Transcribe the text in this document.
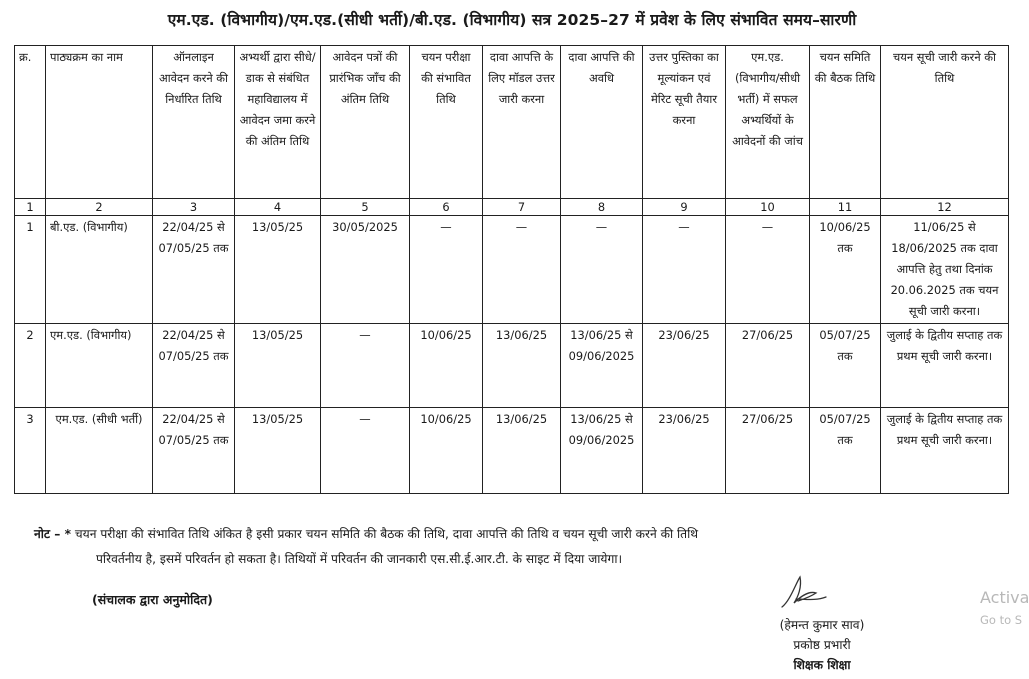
एम.एड. (विभागीय)/एम.एड.(सीधी भर्ती)/बी.एड. (विभागीय) सत्र 2025–27 में प्रवेश के लिए संभावित समय–सारणी
क्र.	पाठ्यक्रम का नाम	ऑनलाइन आवेदन करने की निर्धारित तिथि	अभ्यर्थी द्वारा सीधे/डाक से संबंधित महाविद्यालय में आवेदन जमा करने की अंतिम तिथि	आवेदन पत्रों की प्रारंभिक जाँच की अंतिम तिथि	चयन परीक्षा की संभावित तिथि	दावा आपत्ति के लिए मॉडल उत्तर जारी करना	दावा आपत्ति की अवधि	उत्तर पुस्तिका का मूल्यांकन एवं मेरिट सूची तैयार करना	एम.एड. (विभागीय/सीधी भर्ती) में सफल अभ्यर्थियों के आवेदनों की जांच	चयन समिति की बैठक तिथि	चयन सूची जारी करने की तिथि
1	2	3	4	5	6	7	8	9	10	11	12
1	बी.एड. (विभागीय)	22/04/25 से 07/05/25 तक	13/05/25	30/05/2025	—	—	—	—	—	10/06/25 तक	11/06/25 से 18/06/2025 तक दावा आपत्ति हेतु तथा दिनांक 20.06.2025 तक चयन सूची जारी करना।
2	एम.एड. (विभागीय)	22/04/25 से 07/05/25 तक	13/05/25	—	10/06/25	13/06/25	13/06/25 से 09/06/2025	23/06/25	27/06/25	05/07/25 तक	जुलाई के द्वितीय सप्ताह तक प्रथम सूची जारी करना।
3	एम.एड. (सीधी भर्ती)	22/04/25 से 07/05/25 तक	13/05/25	—	10/06/25	13/06/25	13/06/25 से 09/06/2025	23/06/25	27/06/25	05/07/25 तक	जुलाई के द्वितीय सप्ताह तक प्रथम सूची जारी करना।
नोट – * चयन परीक्षा की संभावित तिथि अंकित है इसी प्रकार चयन समिति की बैठक की तिथि, दावा आपत्ति की तिथि व चयन सूची जारी करने की तिथि
परिवर्तनीय है, इसमें परिवर्तन हो सकता है। तिथियों में परिवर्तन की जानकारी एस.सी.ई.आर.टी. के साइट में दिया जायेगा।
(संचालक द्वारा अनुमोदित)
(हेमन्त कुमार साव)
प्रकोष्ठ प्रभारी
शिक्षक शिक्षा
Activa
Go to S
